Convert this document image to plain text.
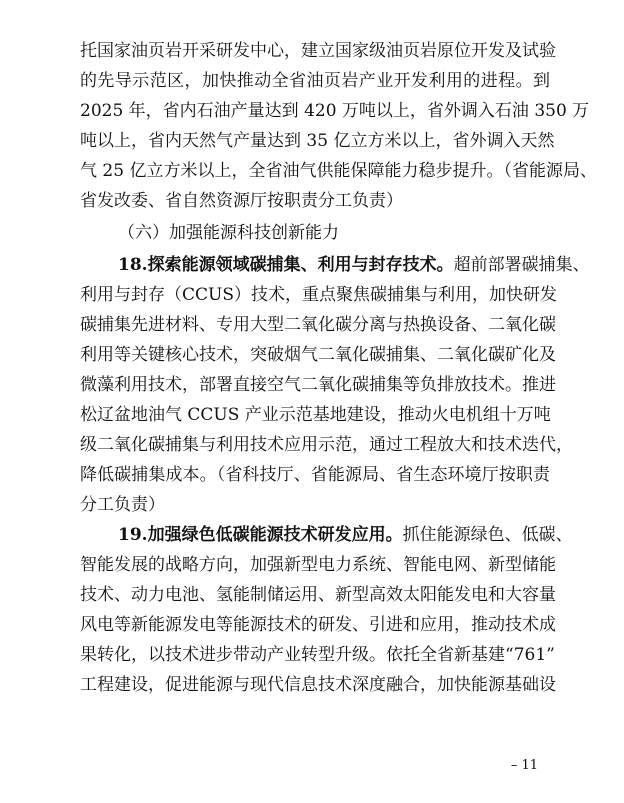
托国家油页岩开采研发中心，建立国家级油页岩原位开发及试验
的先导示范区，加快推动全省油页岩产业开发利用的进程。到
2025 年，省内石油产量达到 420 万吨以上，省外调入石油 350 万
吨以上，省内天然气产量达到 35 亿立方米以上，省外调入天然
气 25 亿立方米以上，全省油气供能保障能力稳步提升。（省能源局、
省发改委、省自然资源厅按职责分工负责）
（六）加强能源科技创新能力
18.探索能源领域碳捕集、利用与封存技术。超前部署碳捕集、
利用与封存（CCUS）技术，重点聚焦碳捕集与利用，加快研发
碳捕集先进材料、专用大型二氧化碳分离与热换设备、二氧化碳
利用等关键核心技术，突破烟气二氧化碳捕集、二氧化碳矿化及
微藻利用技术，部署直接空气二氧化碳捕集等负排放技术。推进
松辽盆地油气 CCUS 产业示范基地建设，推动火电机组十万吨
级二氧化碳捕集与利用技术应用示范，通过工程放大和技术迭代，
降低碳捕集成本。（省科技厅、省能源局、省生态环境厅按职责
分工负责）
19.加强绿色低碳能源技术研发应用。抓住能源绿色、低碳、
智能发展的战略方向，加强新型电力系统、智能电网、新型储能
技术、动力电池、氢能制储运用、新型高效太阳能发电和大容量
风电等新能源发电等能源技术的研发、引进和应用，推动技术成
果转化，以技术进步带动产业转型升级。依托全省新基建“761”
工程建设，促进能源与现代信息技术深度融合，加快能源基础设
– 11
